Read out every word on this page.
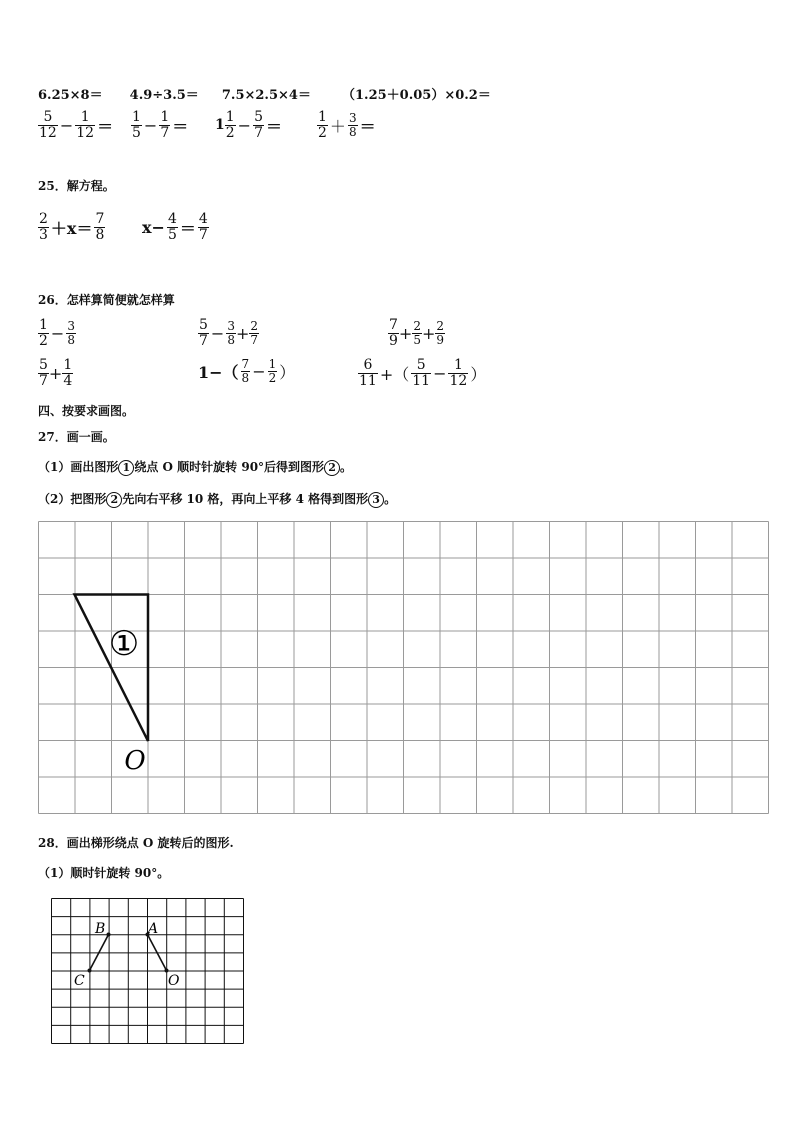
6.25×8＝ 4.9÷3.5＝ 7.5×2.5×4＝ （1.25＋0.05）×0.2＝
$\frac{5}{12} - \frac{1}{12} = \frac{1}{5} - \frac{1}{7} = 1 \frac{1}{2} - \frac{5}{7} = \frac{1}{2} + \frac{3}{8}$ ＝
25．解方程。
$\frac{2}{3} +x= \frac{7}{8} x- \frac{4}{5} = \frac{4}{7}$
26．怎样算简便就怎样算
$\frac{1}{2} - \frac{3}{8}$	$\frac{5}{7} - \frac{3}{8} + \frac{2}{7}$	$\frac{7}{9} + \frac{2}{5} + \frac{2}{9}$
$\frac{5}{7} + \frac{1}{4}$	$1-( \frac{7}{8} - \frac{1}{2}$ ）	$\frac{6}{11}$ +（ $\frac{5}{11} - \frac{1}{12}$ ）
四、按要求画图。
27．画一画。
（1）画出图形 1 绕点 O 顺时针旋转 90°后得到图形 2 。
（2）把图形 2 先向右平移 10 格，再向上平移 4 格得到图形 3 。
①
O
28．画出梯形绕点 O 旋转后的图形.
（1）顺时针旋转 90°。
B	A
C	O
